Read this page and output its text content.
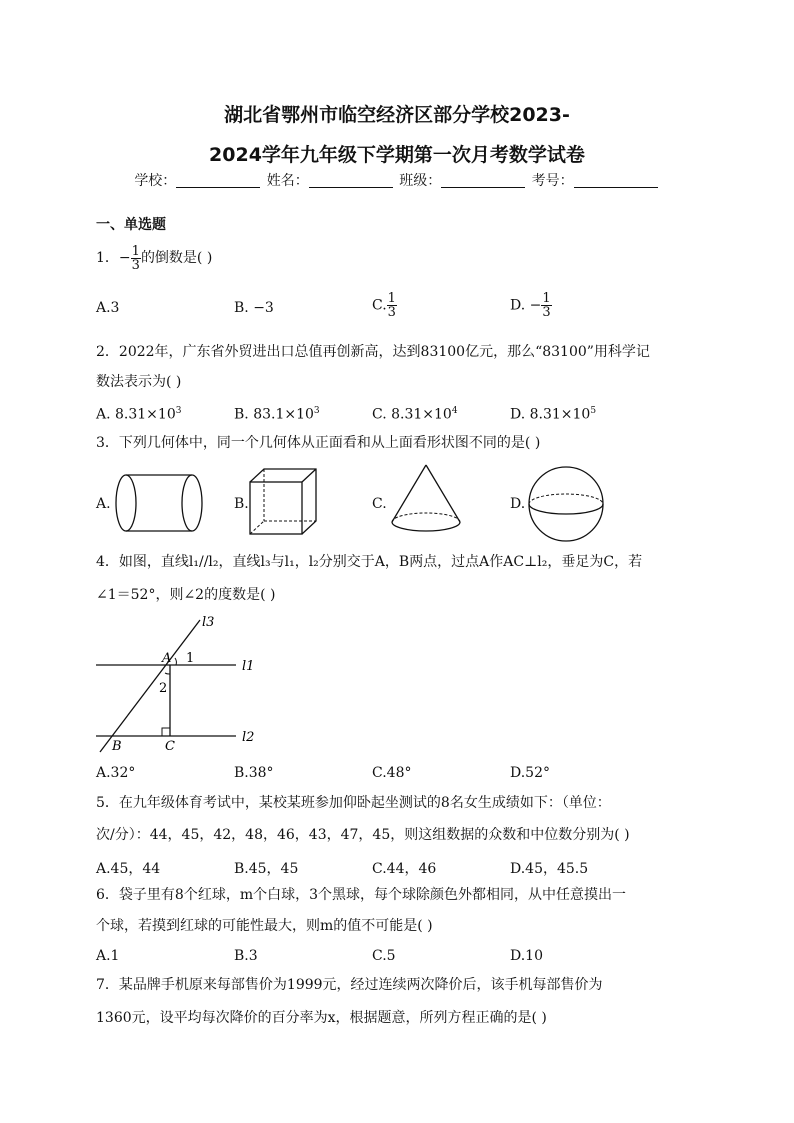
湖北省鄂州市临空经济区部分学校2023-
2024学年九年级下学期第一次月考数学试卷
学校：	姓名：	班级：	考号：
一、单选题
1．− $\frac{1}{3}$ 的倒数是( )
A.3	B. −3	C. $\frac{1}{3}$	D. − $\frac{1}{3}$
2．2022年，广东省外贸进出口总值再创新高，达到83100亿元，那么“83100”用科学记
数法表示为( )
A. $8.31\times 10^3$	B. $83.1\times 10^3$	C. $8.31\times 10^4$	D. $8.31\times 10^5$
3．下列几何体中，同一个几何体从正面看和从上面看形状图不同的是( )
A.	B.	C.	D.
4．如图，直线l₁//l₂，直线l₃与l₁，l₂分别交于A，B两点，过点A作AC⊥l₂，垂足为C，若
∠1＝52°，则∠2的度数是( )
l3
l1
l2
A
B	C
1
2
A.32°	B.38°	C.48°	D.52°
5．在九年级体育考试中，某校某班参加仰卧起坐测试的8名女生成绩如下：（单位：
次/分）：44，45，42，48，46，43，47，45，则这组数据的众数和中位数分别为( )
A.45，44	B.45，45	C.44，46	D.45，45.5
6．袋子里有8个红球，m个白球，3个黑球，每个球除颜色外都相同，从中任意摸出一
个球，若摸到红球的可能性最大，则m的值不可能是( )
A.1	B.3	C.5	D.10
7．某品牌手机原来每部售价为1999元，经过连续两次降价后，该手机每部售价为
1360元，设平均每次降价的百分率为x，根据题意，所列方程正确的是( )
